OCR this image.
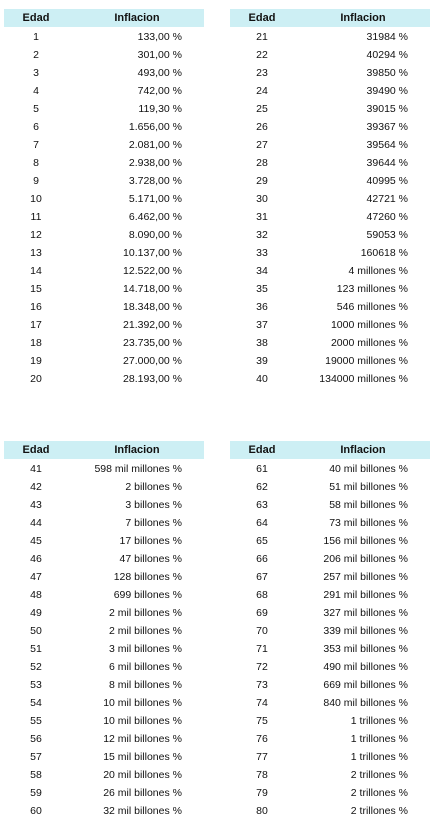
Edad	Inflacion
1	133,00 %
2	301,00 %
3	493,00 %
4	742,00 %
5	119,30 %
6	1.656,00 %
7	2.081,00 %
8	2.938,00 %
9	3.728,00 %
10	5.171,00 %
11	6.462,00 %
12	8.090,00 %
13	10.137,00 %
14	12.522,00 %
15	14.718,00 %
16	18.348,00 %
17	21.392,00 %
18	23.735,00 %
19	27.000,00 %
20	28.193,00 %
Edad	Inflacion
21	31984 %
22	40294 %
23	39850 %
24	39490 %
25	39015 %
26	39367 %
27	39564 %
28	39644 %
29	40995 %
30	42721 %
31	47260 %
32	59053 %
33	160618 %
34	4 millones %
35	123 millones %
36	546 millones %
37	1000 millones %
38	2000 millones %
39	19000 millones %
40	134000 millones %
Edad	Inflacion
41	598 mil millones %
42	2 billones %
43	3 billones %
44	7 billones %
45	17 billones %
46	47 billones %
47	128 billones %
48	699 billones %
49	2 mil billones %
50	2 mil billones %
51	3 mil billones %
52	6 mil billones %
53	8 mil billones %
54	10 mil billones %
55	10 mil billones %
56	12 mil billones %
57	15 mil billones %
58	20 mil billones %
59	26 mil billones %
60	32 mil billones %
Edad	Inflacion
61	40 mil billones %
62	51 mil billones %
63	58 mil billones %
64	73 mil billones %
65	156 mil billones %
66	206 mil billones %
67	257 mil billones %
68	291 mil billones %
69	327 mil billones %
70	339 mil billones %
71	353 mil billones %
72	490 mil billones %
73	669 mil billones %
74	840 mil billones %
75	1 trillones %
76	1 trillones %
77	1 trillones %
78	2 trillones %
79	2 trillones %
80	2 trillones %
